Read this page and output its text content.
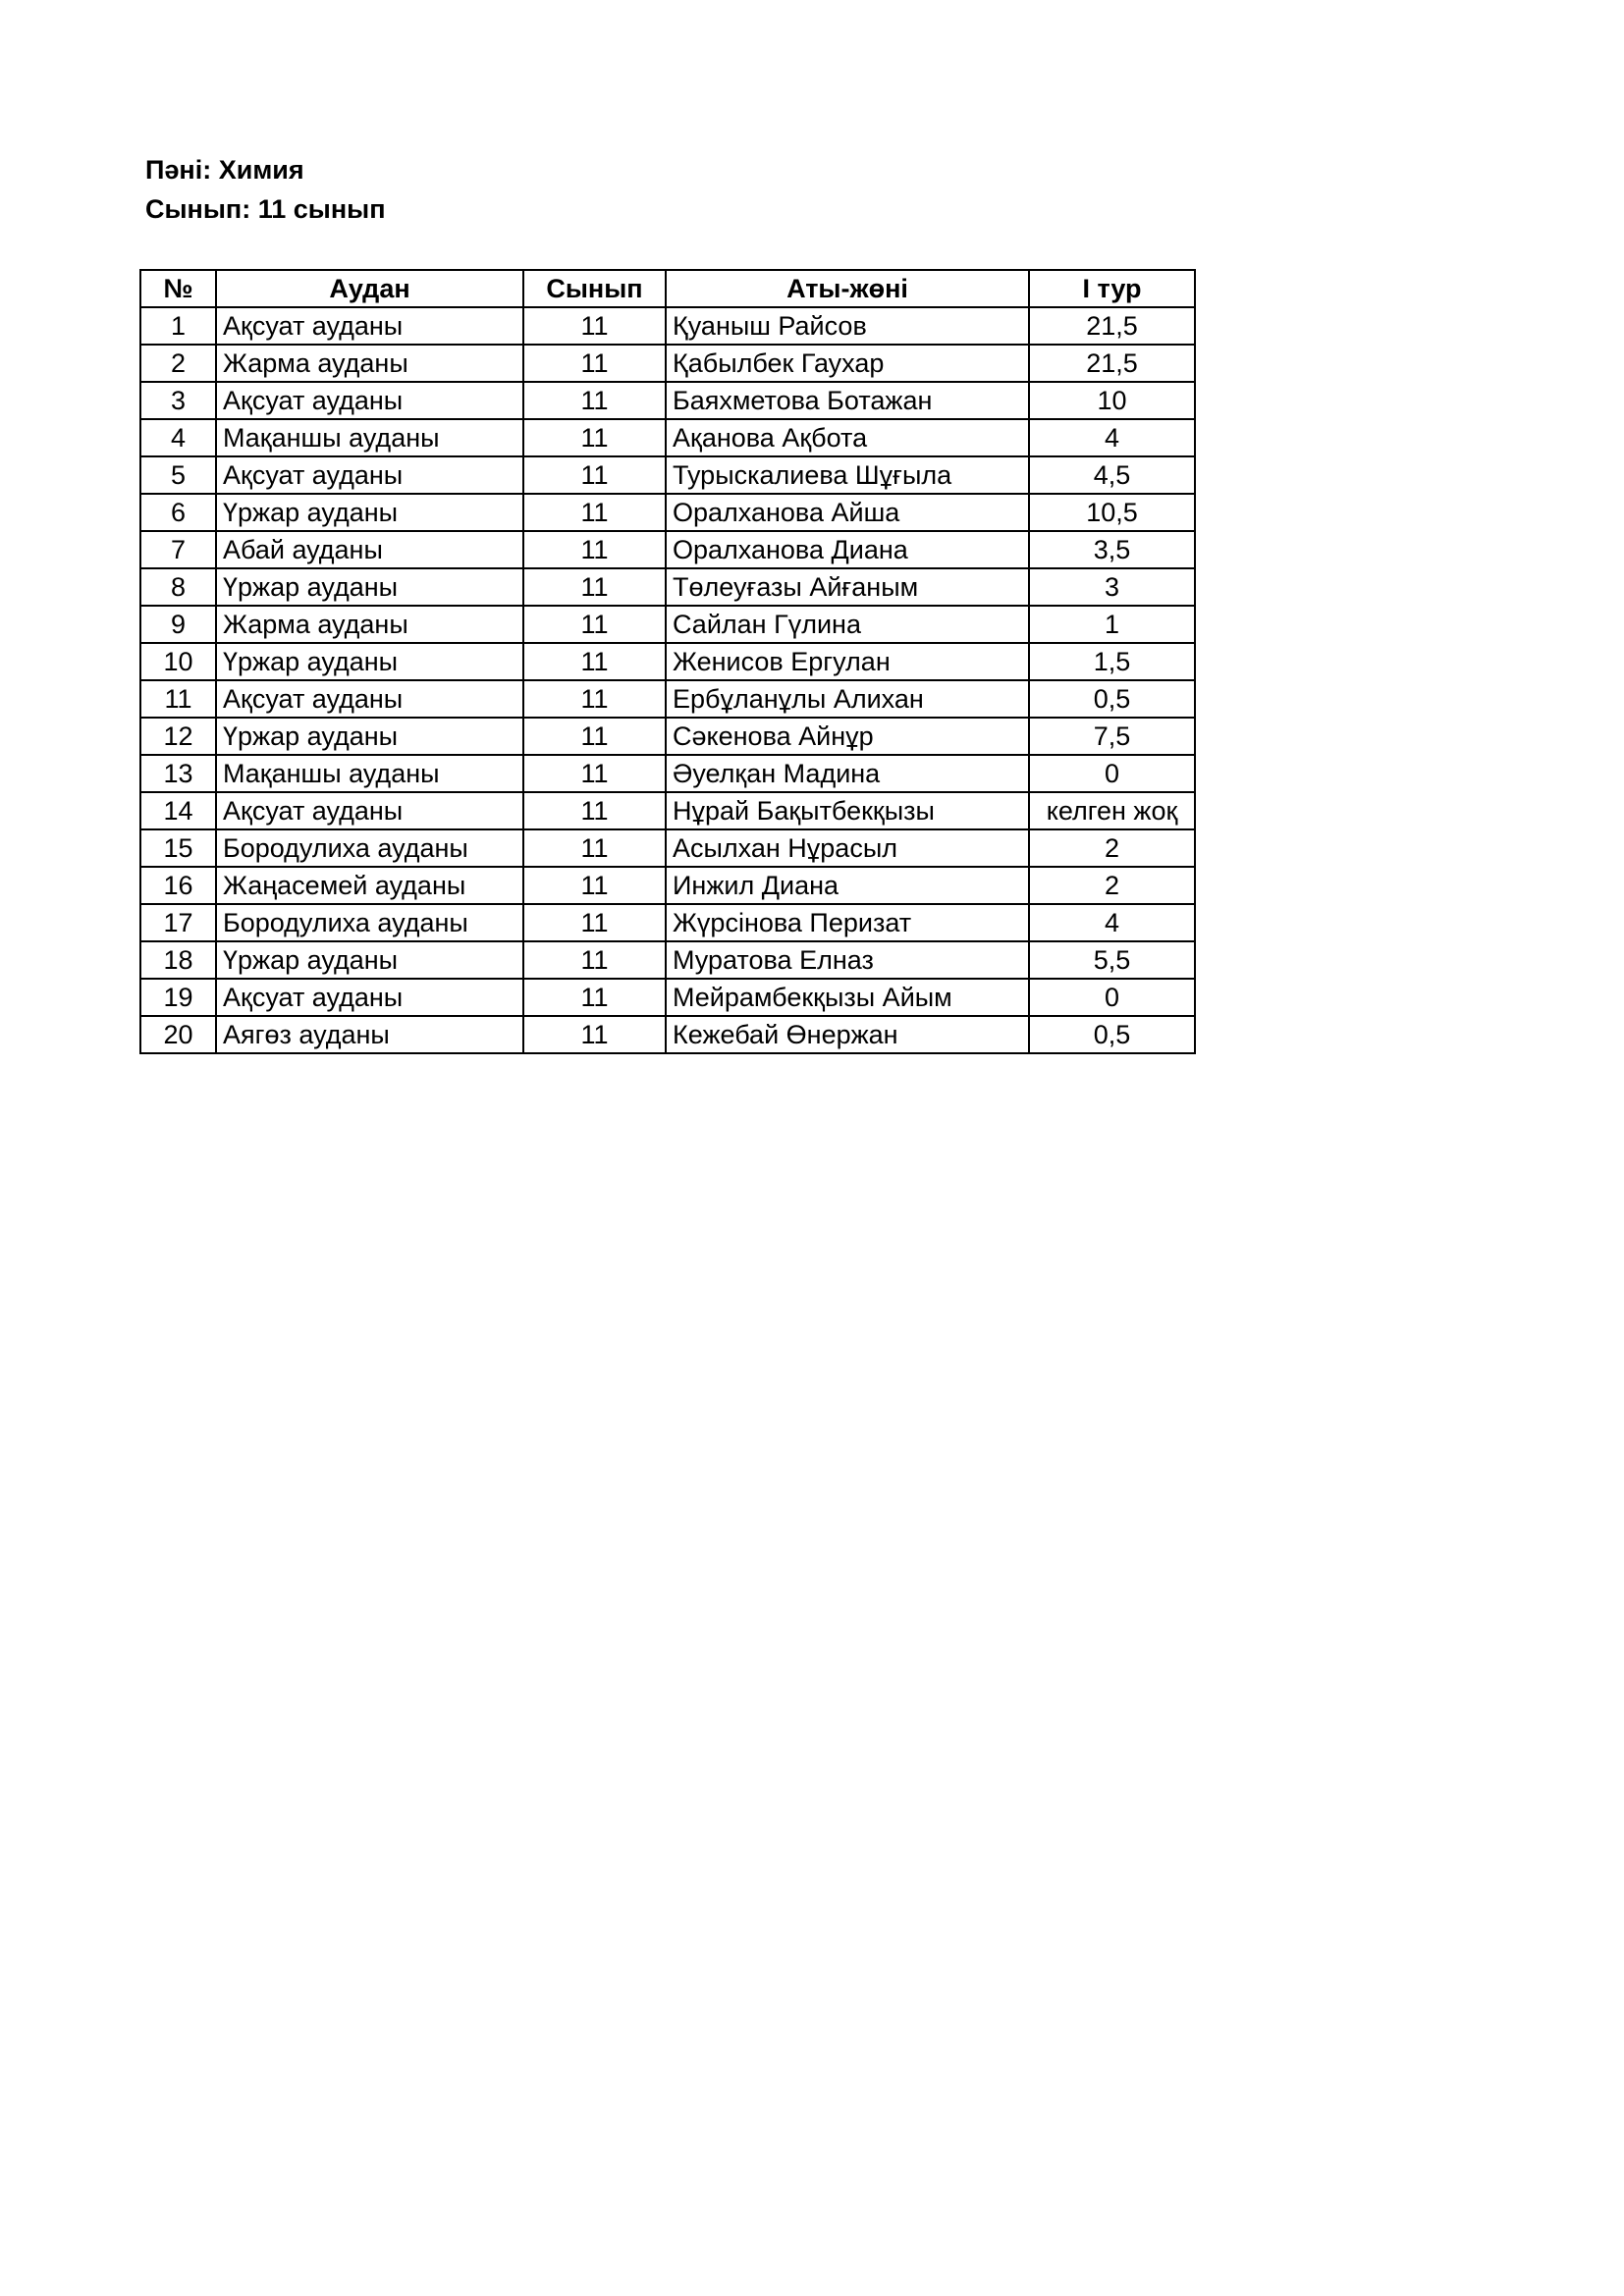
Пәні: Химия
Сынып: 11 сынып
№	Аудан	Сынып	Аты-жөні	І тур
1	Ақсуат ауданы	11	Қуаныш Райсов	21,5
2	Жарма ауданы	11	Қабылбек Гаухар	21,5
3	Ақсуат ауданы	11	Баяхметова Ботажан	10
4	Мақаншы ауданы	11	Ақанова Ақбота	4
5	Ақсуат ауданы	11	Турыскалиева Шұғыла	4,5
6	Үржар ауданы	11	Оралханова Айша	10,5
7	Абай ауданы	11	Оралханова Диана	3,5
8	Үржар ауданы	11	Төлеуғазы Айғаным	3
9	Жарма ауданы	11	Сайлан Гүлина	1
10	Үржар ауданы	11	Женисов Ергулан	1,5
11	Ақсуат ауданы	11	Ербұланұлы Алихан	0,5
12	Үржар ауданы	11	Сәкенова Айнұр	7,5
13	Мақаншы ауданы	11	Әуелқан Мадина	0
14	Ақсуат ауданы	11	Нұрай Бақытбекқызы	келген жоқ
15	Бородулиха ауданы	11	Асылхан Нұрасыл	2
16	Жаңасемей ауданы	11	Инжил Диана	2
17	Бородулиха ауданы	11	Жүрсінова Перизат	4
18	Үржар ауданы	11	Муратова Елназ	5,5
19	Ақсуат ауданы	11	Мейрамбекқызы Айым	0
20	Аягөз ауданы	11	Кежебай Өнержан	0,5
